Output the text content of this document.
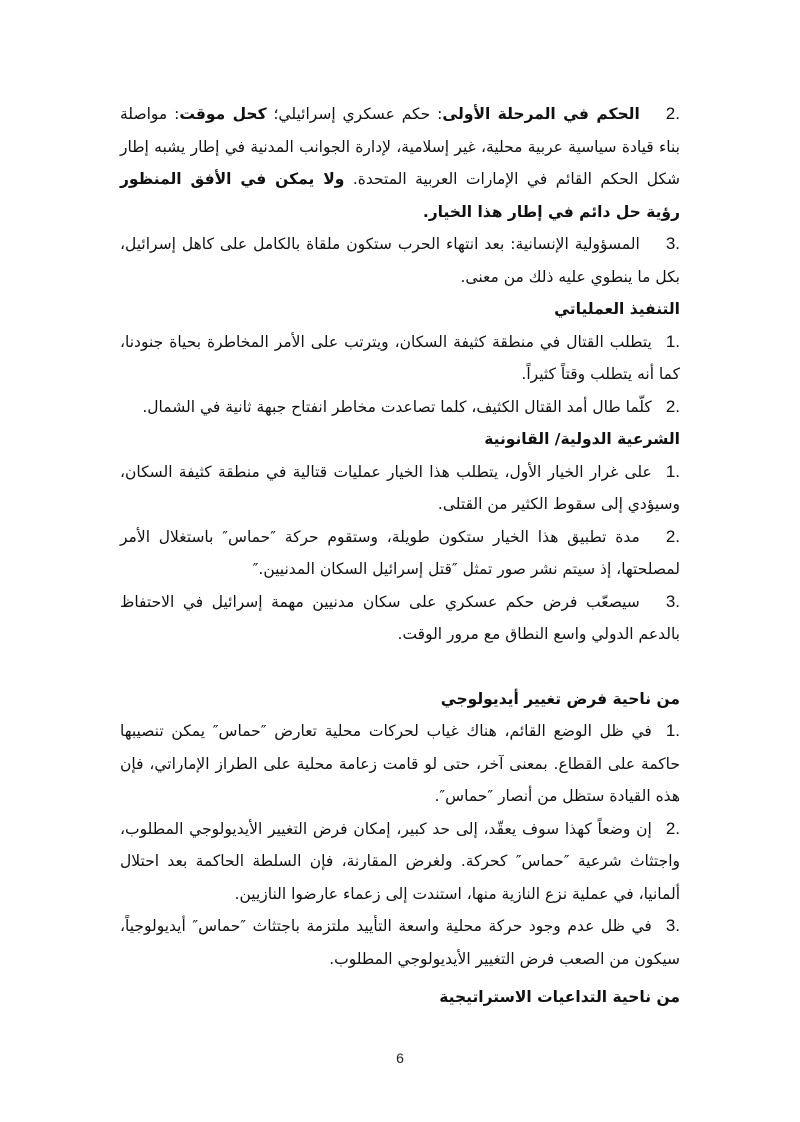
2.الحكم في المرحلة الأولى: حكم عسكري إسرائيلي؛ كحل موقت: مواصلة بناء قيادة سياسية عربية محلية، غير إسلامية، لإدارة الجوانب المدنية في إطار يشبه إطار شكل الحكم القائم في الإمارات العربية المتحدة. ولا يمكن في الأفق المنظور رؤية حل دائم في إطار هذا الخيار.

3.المسؤولية الإنسانية: بعد انتهاء الحرب ستكون ملقاة بالكامل على كاهل إسرائيل، بكل ما ينطوي عليه ذلك من معنى.

التنفيذ العملياتي

1.يتطلب القتال في منطقة كثيفة السكان، ويترتب على الأمر المخاطرة بحياة جنودنا، كما أنه يتطلب وقتاً كثيراً.

2.كلّما طال أمد القتال الكثيف، كلما تصاعدت مخاطر انفتاح جبهة ثانية في الشمال.

الشرعية الدولية/ القانونية

1.على غرار الخيار الأول، يتطلب هذا الخيار عمليات قتالية في منطقة كثيفة السكان، وسيؤدي إلى سقوط الكثير من القتلى.

2.مدة تطبيق هذا الخيار ستكون طويلة، وستقوم حركة ″حماس″ باستغلال الأمر لمصلحتها، إذ سيتم نشر صور تمثل ″قتل إسرائيل السكان المدنيين.″

3.سيصعّب فرض حكم عسكري على سكان مدنيين مهمة إسرائيل في الاحتفاظ بالدعم الدولي واسع النطاق مع مرور الوقت.

من ناحية فرض تغيير أيديولوجي

1.في ظل الوضع القائم، هناك غياب لحركات محلية تعارض ″حماس″ يمكن تنصيبها حاكمة على القطاع. بمعنى آخر، حتى لو قامت زعامة محلية على الطراز الإماراتي، فإن هذه القيادة ستظل من أنصار ″حماس″.

2.إن وضعاً كهذا سوف يعقّد، إلى حد كبير، إمكان فرض التغيير الأيديولوجي المطلوب، واجتثاث شرعية ″حماس″ كحركة. ولغرض المقارنة، فإن السلطة الحاكمة بعد احتلال ألمانيا، في عملية نزع النازية منها، استندت إلى زعماء عارضوا النازيين.

3.في ظل عدم وجود حركة محلية واسعة التأييد ملتزمة باجتثاث ″حماس″ أيديولوجياً، سيكون من الصعب فرض التغيير الأيديولوجي المطلوب.

من ناحية التداعيات الاستراتيجية

6
